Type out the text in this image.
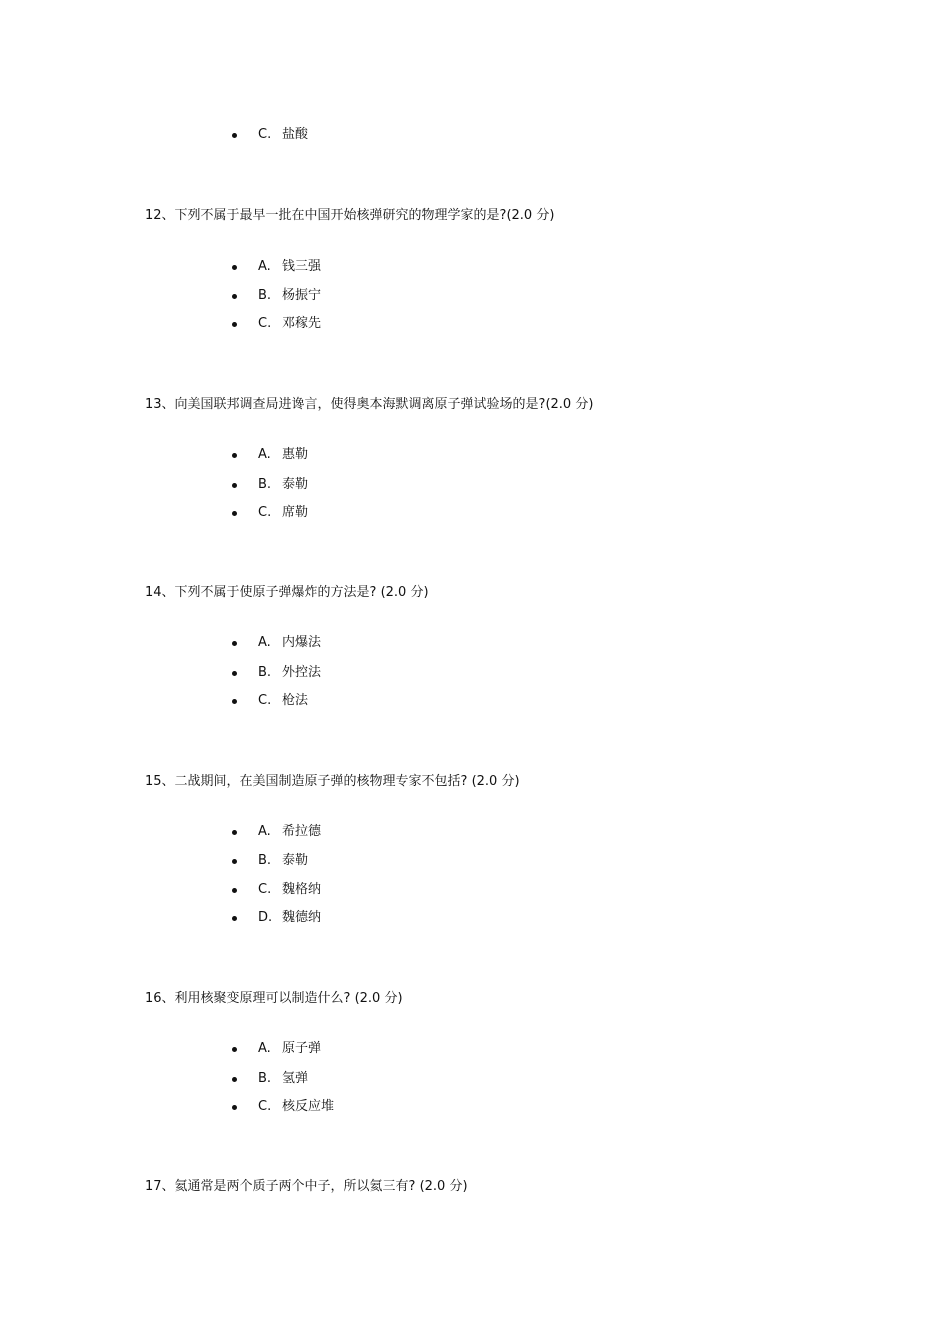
C. 盐酸

12、下列不属于最早一批在中国开始核弹研究的物理学家的是?(2.0 分)

A. 钱三强
B. 杨振宁
C. 邓稼先

13、向美国联邦调查局进谗言，使得奥本海默调离原子弹试验场的是?(2.0 分)

A. 惠勒
B. 泰勒
C. 席勒

14、下列不属于使原子弹爆炸的方法是? (2.0 分)

A. 内爆法
B. 外控法
C. 枪法

15、二战期间，在美国制造原子弹的核物理专家不包括? (2.0 分)

A. 希拉德
B. 泰勒
C. 魏格纳
D. 魏德纳

16、利用核聚变原理可以制造什么? (2.0 分)

A. 原子弹
B. 氢弹
C. 核反应堆

17、氦通常是两个质子两个中子，所以氦三有? (2.0 分)
